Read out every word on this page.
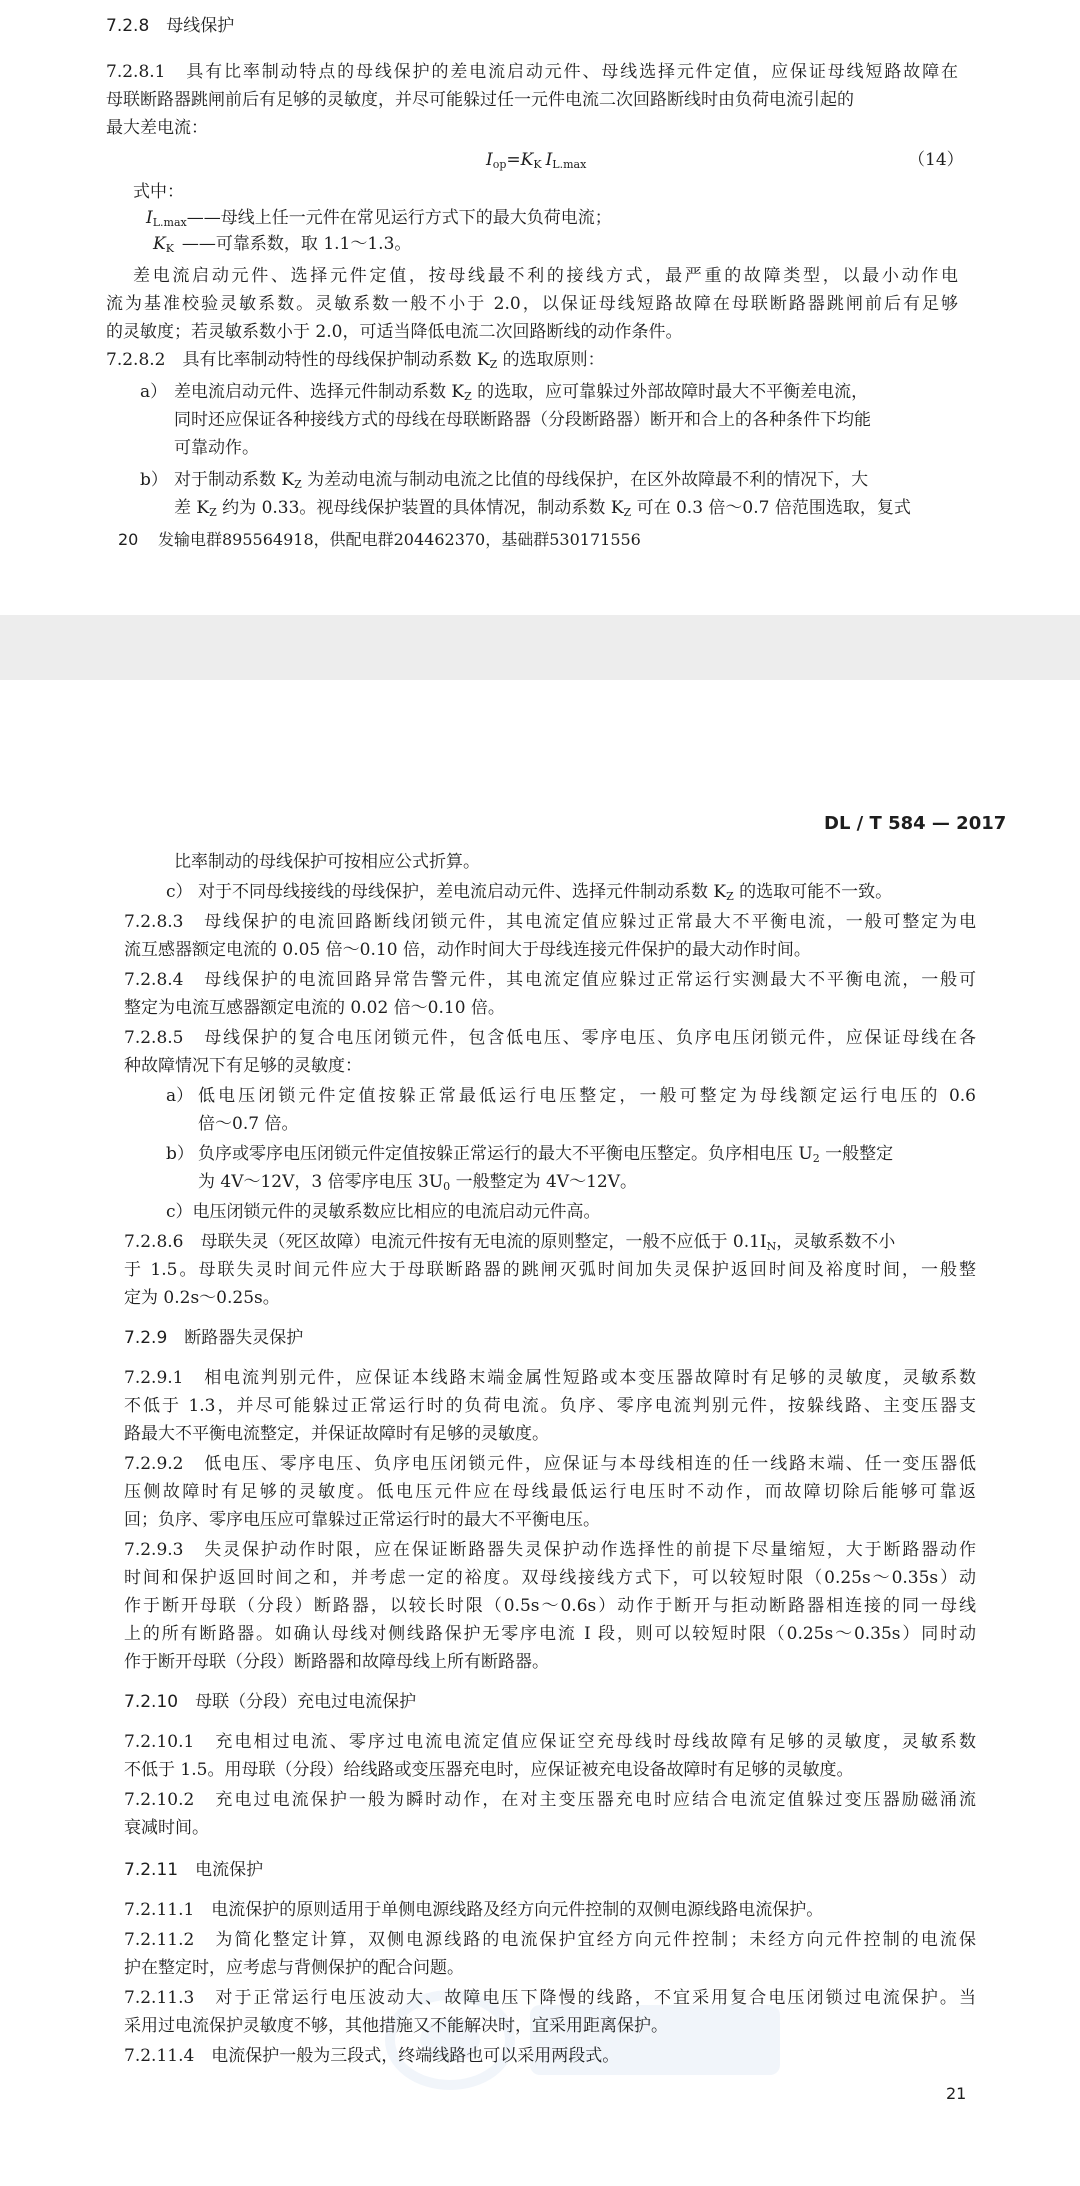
7.2.8　母线保护
7.2.8.1　具有比率制动特点的母线保护的差电流启动元件、母线选择元件定值，应保证母线短路故障在
母联断路器跳闸前后有足够的灵敏度，并尽可能躲过任一元件电流二次回路断线时由负荷电流引起的
最大差电流：
$I_{op}=K_K$ $I_{L.max}$	（14）
式中：
$I_{L.max}——$母线上任一元件在常见运行方式下的最大负荷电流；
$K_K$ ——可靠系数，取 1.1～1.3。
差电流启动元件、选择元件定值，按母线最不利的接线方式，最严重的故障类型，以最小动作电
流为基准校验灵敏系数。灵敏系数一般不小于 2.0，以保证母线短路故障在母联断路器跳闸前后有足够
的灵敏度；若灵敏系数小于 2.0，可适当降低电流二次回路断线的动作条件。
7.2.8.2　具有比率制动特性的母线保护制动系数 $K_Z$ 的选取原则：
a） 差电流启动元件、选择元件制动系数 $K_Z$ 的选取，应可靠躲过外部故障时最大不平衡差电流，
同时还应保证各种接线方式的母线在母联断路器（分段断路器）断开和合上的各种条件下均能
可靠动作。
b） 对于制动系数 $K_Z$ 为差动电流与制动电流之比值的母线保护，在区外故障最不利的情况下，大
差 $K_Z$ 约为 0.33。视母线保护装置的具体情况，制动系数 $K_Z$ 可在 0.3 倍～0.7 倍范围选取，复式
20 发输电群895564918，供配电群204462370，基础群530171556
DL / T 584 — 2017
比率制动的母线保护可按相应公式折算。
c） 对于不同母线接线的母线保护，差电流启动元件、选择元件制动系数 $K_Z$ 的选取可能不一致。
7.2.8.3　母线保护的电流回路断线闭锁元件，其电流定值应躲过正常最大不平衡电流，一般可整定为电
流互感器额定电流的 0.05 倍～0.10 倍，动作时间大于母线连接元件保护的最大动作时间。
7.2.8.4　母线保护的电流回路异常告警元件，其电流定值应躲过正常运行实测最大不平衡电流，一般可
整定为电流互感器额定电流的 0.02 倍～0.10 倍。
7.2.8.5　母线保护的复合电压闭锁元件，包含低电压、零序电压、负序电压闭锁元件，应保证母线在各
种故障情况下有足够的灵敏度：
a） 低电压闭锁元件定值按躲正常最低运行电压整定，一般可整定为母线额定运行电压的 0.6
倍～0.7 倍。
b） 负序或零序电压闭锁元件定值按躲正常运行的最大不平衡电压整定。负序相电压 $U_2$ 一般整定
为 4V～12V，3 倍零序电压 $3U_0$ 一般整定为 4V～12V。
c）电压闭锁元件的灵敏系数应比相应的电流启动元件高。
7.2.8.6　母联失灵（死区故障）电流元件按有无电流的原则整定，一般不应低于 $0.1I_N$，灵敏系数不小
于 1.5。母联失灵时间元件应大于母联断路器的跳闸灭弧时间加失灵保护返回时间及裕度时间，一般整
定为 0.2s～0.25s。
7.2.9　断路器失灵保护
7.2.9.1　相电流判别元件，应保证本线路末端金属性短路或本变压器故障时有足够的灵敏度，灵敏系数
不低于 1.3，并尽可能躲过正常运行时的负荷电流。负序、零序电流判别元件，按躲线路、主变压器支
路最大不平衡电流整定，并保证故障时有足够的灵敏度。
7.2.9.2　低电压、零序电压、负序电压闭锁元件，应保证与本母线相连的任一线路末端、任一变压器低
压侧故障时有足够的灵敏度。低电压元件应在母线最低运行电压时不动作，而故障切除后能够可靠返
回；负序、零序电压应可靠躲过正常运行时的最大不平衡电压。
7.2.9.3　失灵保护动作时限，应在保证断路器失灵保护动作选择性的前提下尽量缩短，大于断路器动作
时间和保护返回时间之和，并考虑一定的裕度。双母线接线方式下，可以较短时限（0.25s～0.35s）动
作于断开母联（分段）断路器，以较长时限（0.5s～0.6s）动作于断开与拒动断路器相连接的同一母线
上的所有断路器。如确认母线对侧线路保护无零序电流 I 段，则可以较短时限（0.25s～0.35s）同时动
作于断开母联（分段）断路器和故障母线上所有断路器。
7.2.10　母联（分段）充电过电流保护
7.2.10.1　充电相过电流、零序过电流电流定值应保证空充母线时母线故障有足够的灵敏度，灵敏系数
不低于 1.5。用母联（分段）给线路或变压器充电时，应保证被充电设备故障时有足够的灵敏度。
7.2.10.2　充电过电流保护一般为瞬时动作，在对主变压器充电时应结合电流定值躲过变压器励磁涌流
衰减时间。
7.2.11　电流保护
7.2.11.1　电流保护的原则适用于单侧电源线路及经方向元件控制的双侧电源线路电流保护。
7.2.11.2　为简化整定计算，双侧电源线路的电流保护宜经方向元件控制；未经方向元件控制的电流保
护在整定时，应考虑与背侧保护的配合问题。
7.2.11.3　对于正常运行电压波动大、故障电压下降慢的线路，不宜采用复合电压闭锁过电流保护。当
采用过电流保护灵敏度不够，其他措施又不能解决时，宜采用距离保护。
7.2.11.4　电流保护一般为三段式，终端线路也可以采用两段式。
21
